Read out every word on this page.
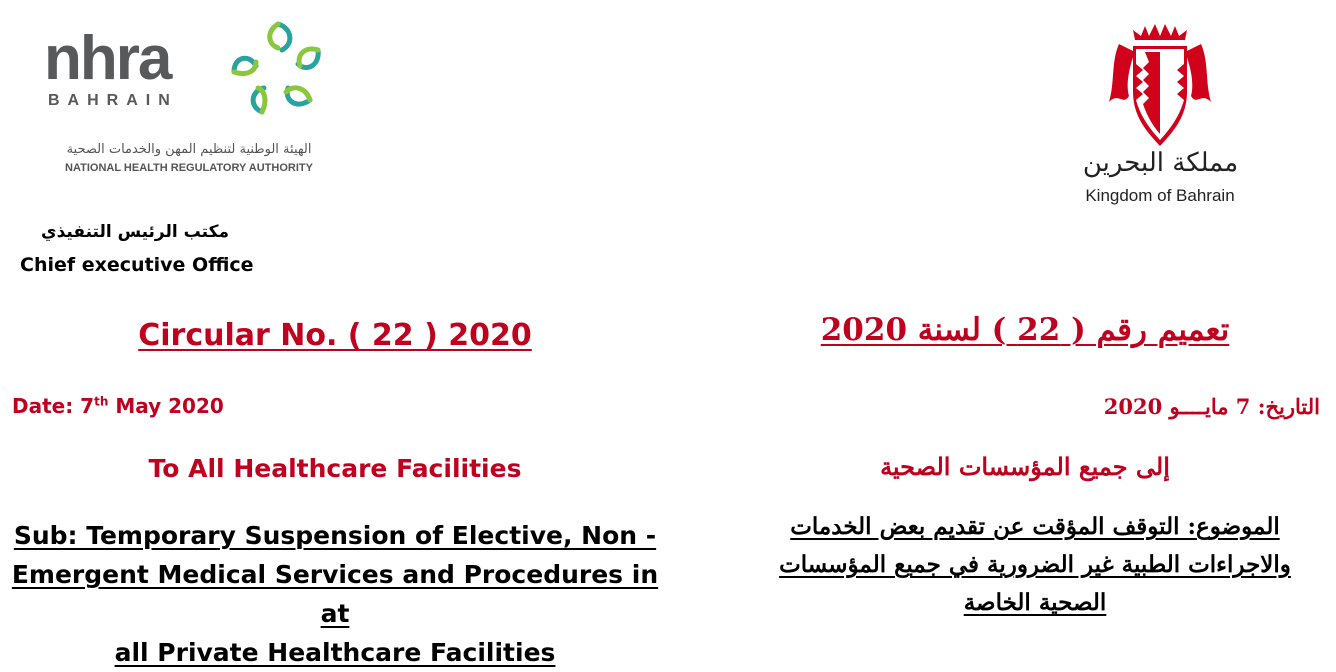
nhra
BAHRAIN
الهيئة الوطنية لتنظيم المهن والخدمات الصحية
NATIONAL HEALTH REGULATORY AUTHORITY	مملكة البحرين
Kingdom of Bahrain
مكتب الرئيس التنفيذي
Chief executive Office
Circular No. ( 22 ) 2020	تعميم رقم ( 22 ) لسنة 2020
Date: 7th May 2020	التاريخ: 7 مايــــو 2020
To All Healthcare Facilities	إلى جميع المؤسسات الصحية
Sub: Temporary Suspension of Elective, Non -
Emergent Medical Services and Procedures in at
all Private Healthcare Facilities
الموضوع: التوقف المؤقت عن تقديم بعض الخدمات
والاجراءات الطبية غير الضرورية في جميع المؤسسات
الصحية الخاصة
